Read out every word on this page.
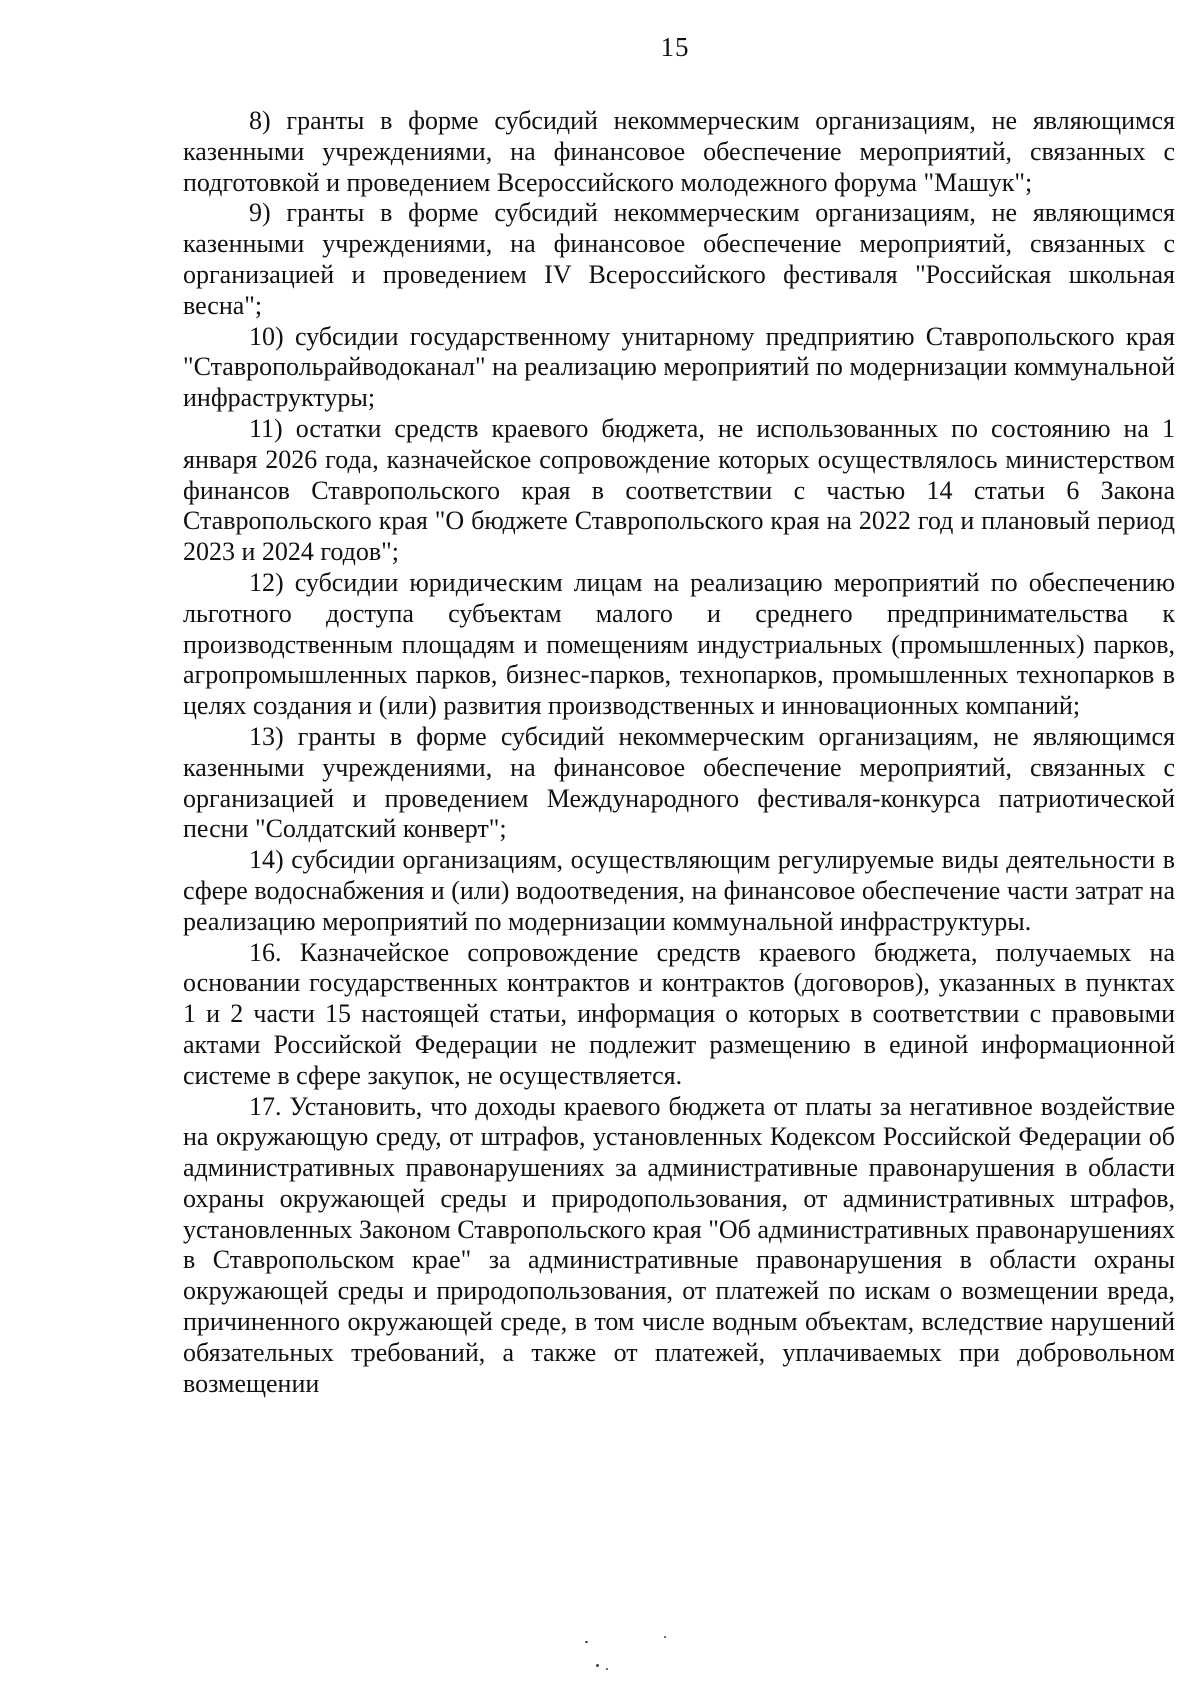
15

8) гранты в форме субсидий некоммерческим организациям, не являющимся казенными учреждениями, на финансовое обеспечение мероприятий, связанных с подготовкой и проведением Всероссийского молодежного форума "Машук";

9) гранты в форме субсидий некоммерческим организациям, не являющимся казенными учреждениями, на финансовое обеспечение мероприятий, связанных с организацией и проведением IV Всероссийского фестиваля "Российская школьная весна";

10) субсидии государственному унитарному предприятию Ставропольского края "Ставропольрайводоканал" на реализацию мероприятий по модернизации коммунальной инфраструктуры;

11) остатки средств краевого бюджета, не использованных по состоянию на 1 января 2026 года, казначейское сопровождение которых осуществлялось министерством финансов Ставропольского края в соответствии с частью 14 статьи 6 Закона Ставропольского края "О бюджете Ставропольского края на 2022 год и плановый период 2023 и 2024 годов";

12) субсидии юридическим лицам на реализацию мероприятий по обеспечению льготного доступа субъектам малого и среднего предпринимательства к производственным площадям и помещениям индустриальных (промышленных) парков, агропромышленных парков, бизнес-парков, технопарков, промышленных технопарков в целях создания и (или) развития производственных и инновационных компаний;

13) гранты в форме субсидий некоммерческим организациям, не являющимся казенными учреждениями, на финансовое обеспечение мероприятий, связанных с организацией и проведением Международного фестиваля-конкурса патриотической песни "Солдатский конверт";

14) субсидии организациям, осуществляющим регулируемые виды деятельности в сфере водоснабжения и (или) водоотведения, на финансовое обеспечение части затрат на реализацию мероприятий по модернизации коммунальной инфраструктуры.

16. Казначейское сопровождение средств краевого бюджета, получаемых на основании государственных контрактов и контрактов (договоров), указанных в пунктах 1 и 2 части 15 настоящей статьи, информация о которых в соответствии с правовыми актами Российской Федерации не подлежит размещению в единой информационной системе в сфере закупок, не осуществляется.

17. Установить, что доходы краевого бюджета от платы за негативное воздействие на окружающую среду, от штрафов, установленных Кодексом Российской Федерации об административных правонарушениях за административные правонарушения в области охраны окружающей среды и природопользования, от административных штрафов, установленных Законом Ставропольского края "Об административных правонарушениях в Ставропольском крае" за административные правонарушения в области охраны окружающей среды и природопользования, от платежей по искам о возмещении вреда, причиненного окружающей среде, в том числе водным объектам, вследствие нарушений обязательных требований, а также от платежей, уплачиваемых при добровольном возмещении
